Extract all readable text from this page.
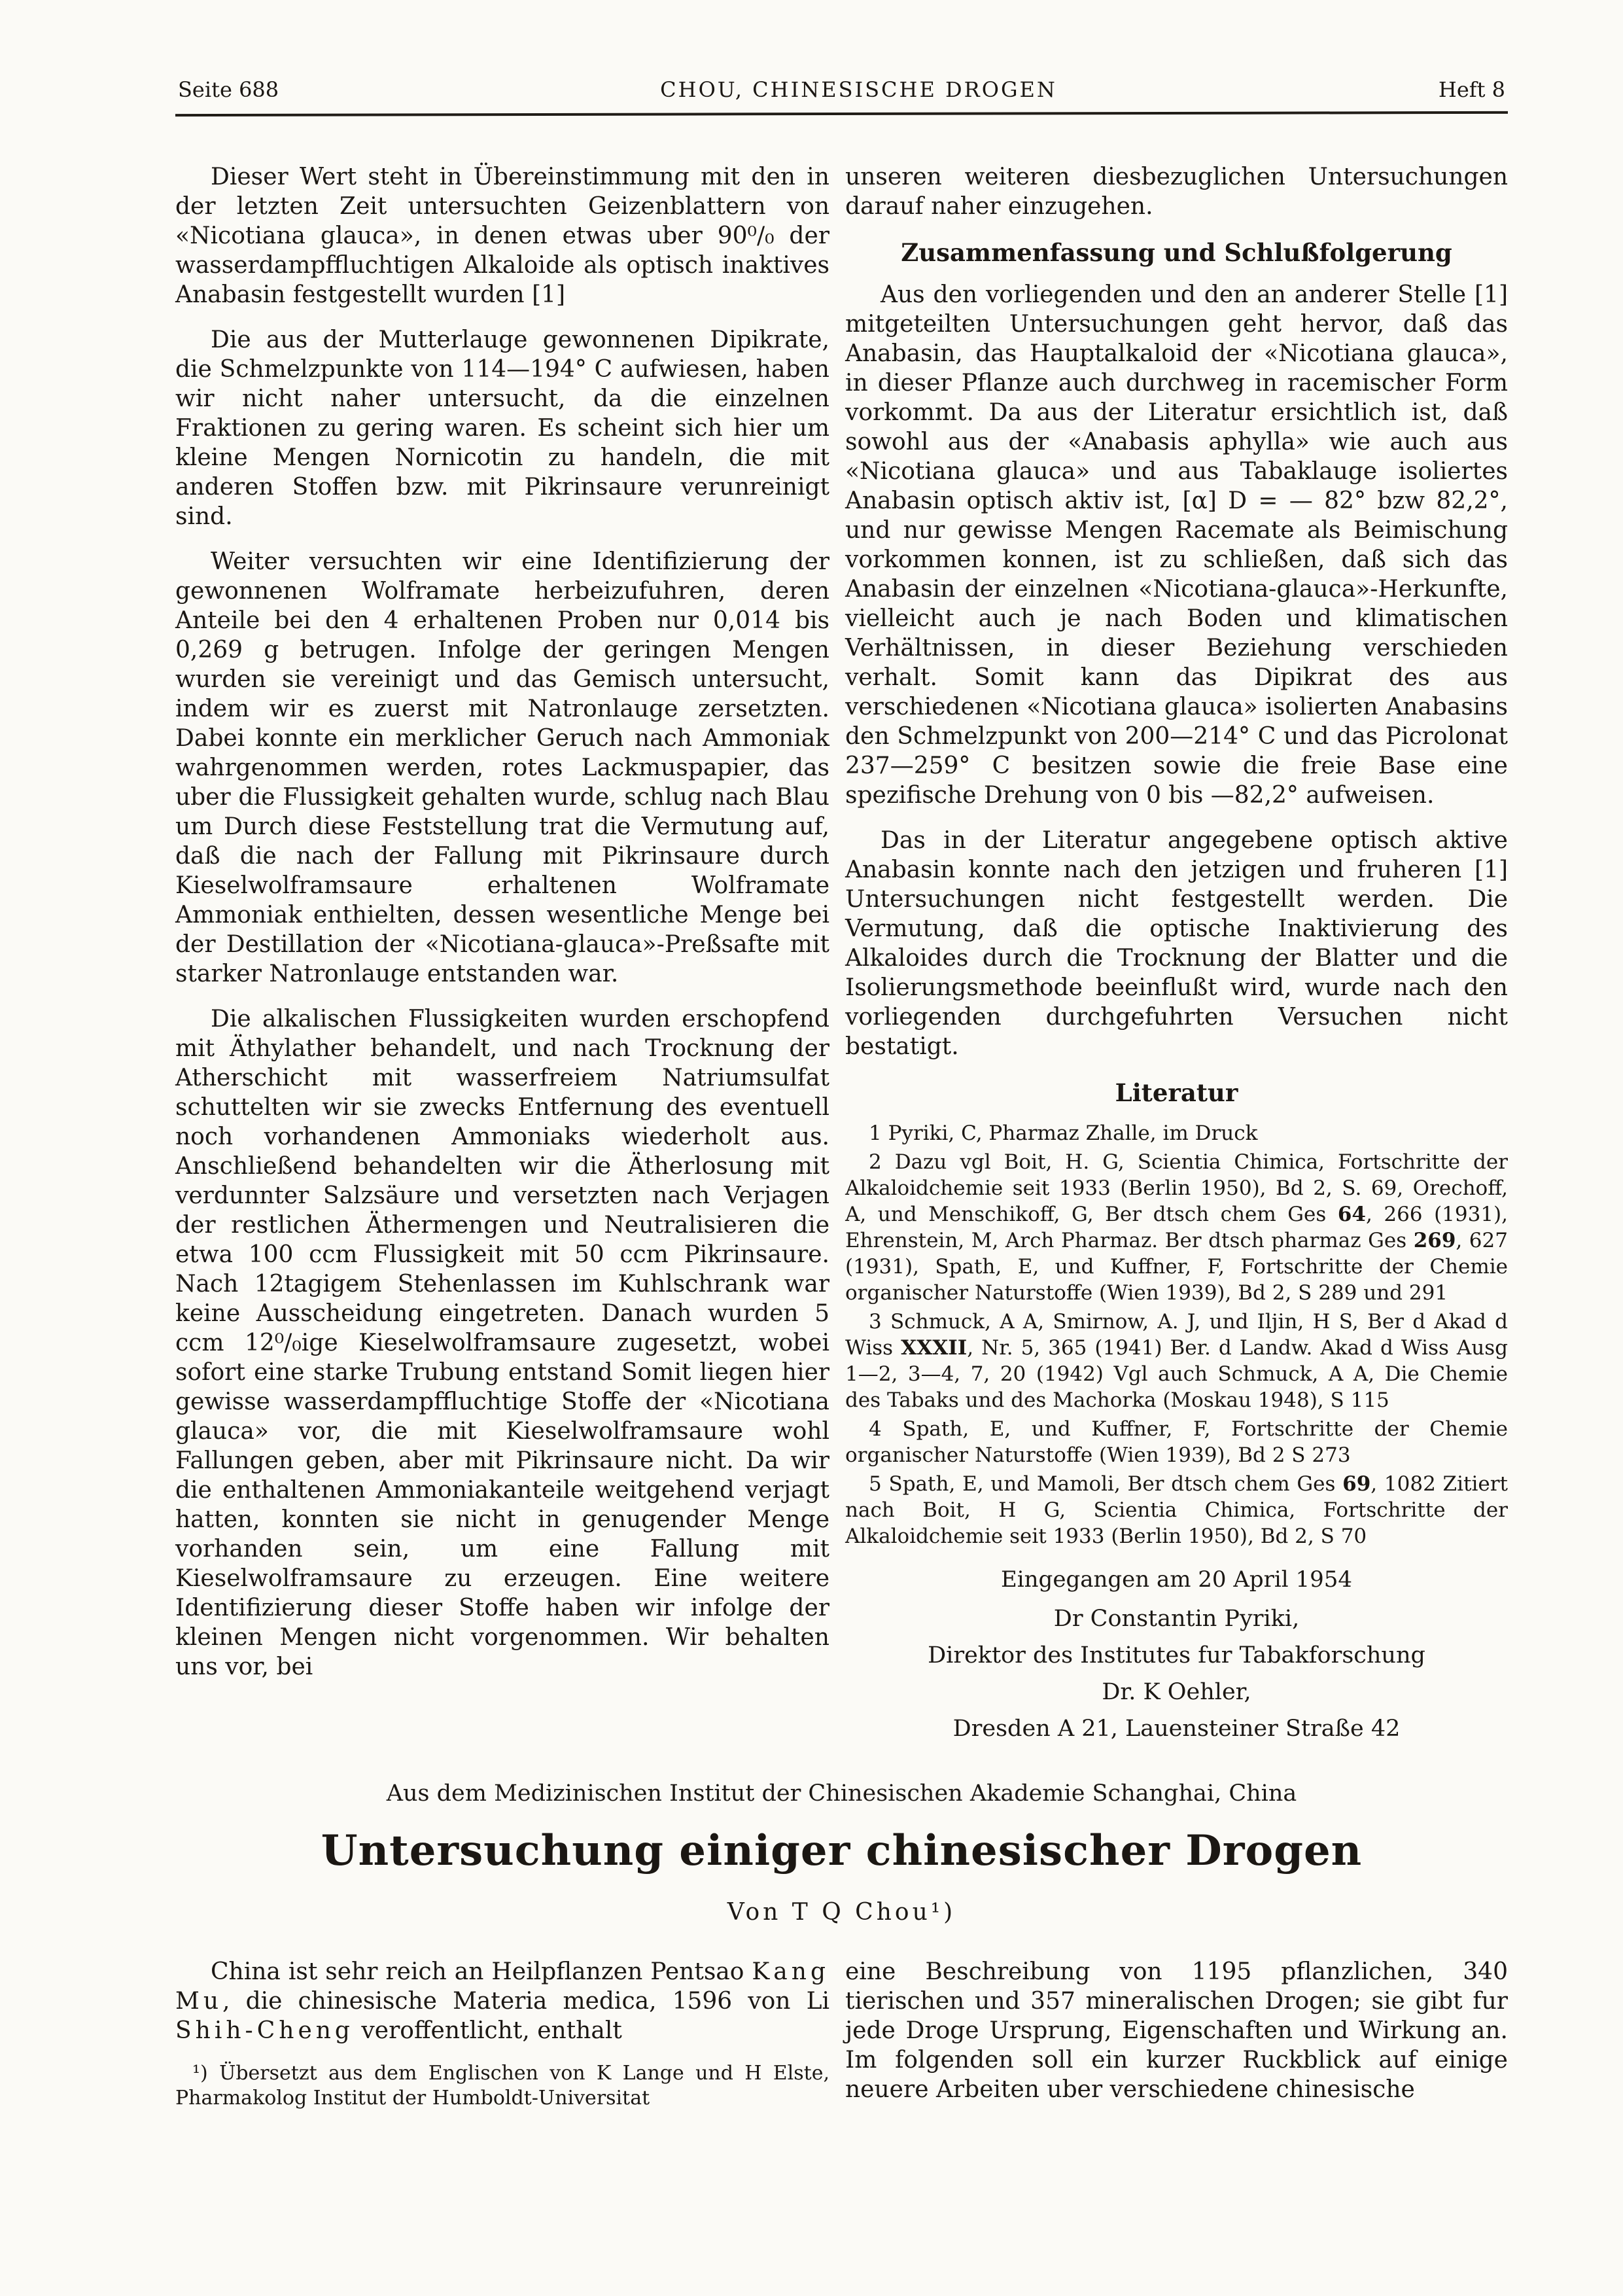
Seite 688	CHOU, CHINESISCHE DROGEN	Heft 8

Dieser Wert steht in Übereinstimmung mit den in der letzten Zeit untersuchten Geizenblattern von «Nicotiana glauca», in denen etwas uber 90⁰/₀ der wasserdampffluchtigen Alkaloide als optisch inaktives Anabasin festgestellt wurden [1]

Die aus der Mutterlauge gewonnenen Dipikrate, die Schmelzpunkte von 114—194° C aufwiesen, haben wir nicht naher untersucht, da die einzelnen Fraktionen zu gering waren. Es scheint sich hier um kleine Mengen Nornicotin zu handeln, die mit anderen Stoffen bzw. mit Pikrinsaure verunreinigt sind.

Weiter versuchten wir eine Identifizierung der gewonnenen Wolframate herbeizufuhren, deren Anteile bei den 4 erhaltenen Proben nur 0,014 bis 0,269 g betrugen. Infolge der geringen Mengen wurden sie vereinigt und das Gemisch untersucht, indem wir es zuerst mit Natronlauge zersetzten. Dabei konnte ein merklicher Geruch nach Ammoniak wahrgenommen werden, rotes Lackmuspapier, das uber die Flussigkeit gehalten wurde, schlug nach Blau um Durch diese Feststellung trat die Vermutung auf, daß die nach der Fallung mit Pikrinsaure durch Kieselwolframsaure erhaltenen Wolframate Ammoniak enthielten, dessen wesentliche Menge bei der Destillation der «Nicotiana-glauca»-Preßsafte mit starker Natronlauge entstanden war.

Die alkalischen Flussigkeiten wurden erschopfend mit Äthylather behandelt, und nach Trocknung der Atherschicht mit wasserfreiem Natriumsulfat schuttelten wir sie zwecks Entfernung des eventuell noch vorhandenen Ammoniaks wiederholt aus. Anschließend behandelten wir die Ätherlosung mit verdunnter Salzsäure und versetzten nach Verjagen der restlichen Äthermengen und Neutralisieren die etwa 100 ccm Flussigkeit mit 50 ccm Pikrinsaure. Nach 12tagigem Stehenlassen im Kuhlschrank war keine Ausscheidung eingetreten. Danach wurden 5 ccm 12⁰/₀ige Kieselwolframsaure zugesetzt, wobei sofort eine starke Trubung entstand Somit liegen hier gewisse wasserdampffluchtige Stoffe der «Nicotiana glauca» vor, die mit Kieselwolframsaure wohl Fallungen geben, aber mit Pikrinsaure nicht. Da wir die enthaltenen Ammoniakanteile weitgehend verjagt hatten, konnten sie nicht in genugender Menge vorhanden sein, um eine Fallung mit Kieselwolframsaure zu erzeugen. Eine weitere Identifizierung dieser Stoffe haben wir infolge der kleinen Mengen nicht vorgenommen. Wir behalten uns vor, bei

unseren weiteren diesbezuglichen Untersuchungen darauf naher einzugehen.

Zusammenfassung und Schlußfolgerung

Aus den vorliegenden und den an anderer Stelle [1] mitgeteilten Untersuchungen geht hervor, daß das Anabasin, das Hauptalkaloid der «Nicotiana glauca», in dieser Pflanze auch durchweg in racemischer Form vorkommt. Da aus der Literatur ersichtlich ist, daß sowohl aus der «Anabasis aphylla» wie auch aus «Nicotiana glauca» und aus Tabaklauge isoliertes Anabasin optisch aktiv ist, [α] D = — 82° bzw 82,2°, und nur gewisse Mengen Racemate als Beimischung vorkommen konnen, ist zu schließen, daß sich das Anabasin der einzelnen «Nicotiana-glauca»-Herkunfte, vielleicht auch je nach Boden und klimatischen Verhältnissen, in dieser Beziehung verschieden verhalt. Somit kann das Dipikrat des aus verschiedenen «Nicotiana glauca» isolierten Anabasins den Schmelzpunkt von 200—214° C und das Picrolonat 237—259° C besitzen sowie die freie Base eine spezifische Drehung von 0 bis —82,2° aufweisen.

Das in der Literatur angegebene optisch aktive Anabasin konnte nach den jetzigen und fruheren [1] Untersuchungen nicht festgestellt werden. Die Vermutung, daß die optische Inaktivierung des Alkaloides durch die Trocknung der Blatter und die Isolierungsmethode beeinflußt wird, wurde nach den vorliegenden durchgefuhrten Versuchen nicht bestatigt.

Literatur

1 Pyriki, C, Pharmaz Zhalle, im Druck

2 Dazu vgl Boit, H. G, Scientia Chimica, Fortschritte der Alkaloidchemie seit 1933 (Berlin 1950), Bd 2, S. 69, Orechoff, A, und Menschikoff, G, Ber dtsch chem Ges 64, 266 (1931), Ehrenstein, M, Arch Pharmaz. Ber dtsch pharmaz Ges 269, 627 (1931), Spath, E, und Kuffner, F, Fortschritte der Chemie organischer Naturstoffe (Wien 1939), Bd 2, S 289 und 291

3 Schmuck, A A, Smirnow, A. J, und Iljin, H S, Ber d Akad d Wiss XXXII, Nr. 5, 365 (1941) Ber. d Landw. Akad d Wiss Ausg 1—2, 3—4, 7, 20 (1942) Vgl auch Schmuck, A A, Die Chemie des Tabaks und des Machorka (Moskau 1948), S 115

4 Spath, E, und Kuffner, F, Fortschritte der Chemie organischer Naturstoffe (Wien 1939), Bd 2 S 273

5 Spath, E, und Mamoli, Ber dtsch chem Ges 69, 1082 Zitiert nach Boit, H G, Scientia Chimica, Fortschritte der Alkaloidchemie seit 1933 (Berlin 1950), Bd 2, S 70

Eingegangen am 20 April 1954

Dr Constantin Pyriki,

Direktor des Institutes fur Tabakforschung

Dr. K Oehler,

Dresden A 21, Lauensteiner Straße 42

Aus dem Medizinischen Institut der Chinesischen Akademie Schanghai, China

Untersuchung einiger chinesischer Drogen

Von T Q Chou¹)

China ist sehr reich an Heilpflanzen Pentsao Kang Mu, die chinesische Materia medica, 1596 von Li Shih-Cheng veroffentlicht, enthalt

¹) Übersetzt aus dem Englischen von K Lange und H Elste, Pharmakolog Institut der Humboldt-Universitat

eine Beschreibung von 1195 pflanzlichen, 340 tierischen und 357 mineralischen Drogen; sie gibt fur jede Droge Ursprung, Eigenschaften und Wirkung an. Im folgenden soll ein kurzer Ruckblick auf einige neuere Arbeiten uber verschiedene chinesische
